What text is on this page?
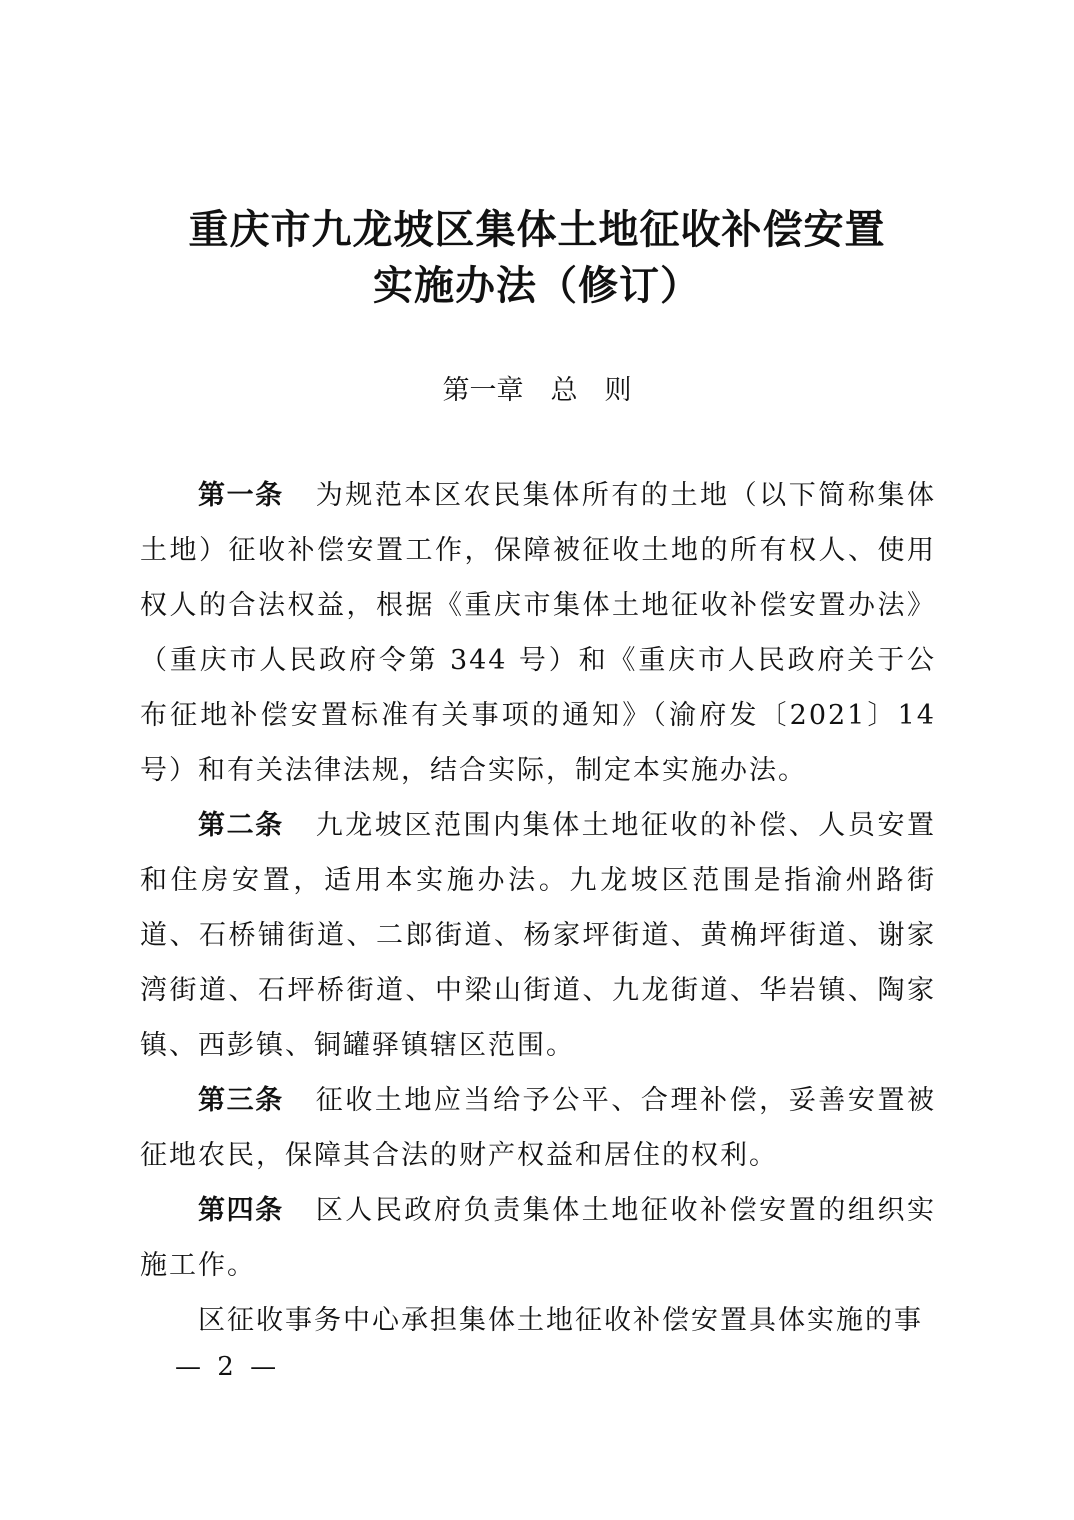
重庆市九龙坡区集体土地征收补偿安置
实施办法（修订）
第一章　总　则

第一条 为规范本区农民集体所有的土地（以下简称集体土地）征收补偿安置工作，保障被征收土地的所有权人、使用权人的合法权益，根据《重庆市集体土地征收补偿安置办法》（重庆市人民政府令第 344 号）和《重庆市人民政府关于公布征地补偿安置标准有关事项的通知》（渝府发〔2021〕14 号）和有关法律法规，结合实际，制定本实施办法。

第二条 九龙坡区范围内集体土地征收的补偿、人员安置和住房安置，适用本实施办法。九龙坡区范围是指渝州路街道、石桥铺街道、二郎街道、杨家坪街道、黄桷坪街道、谢家湾街道、石坪桥街道、中梁山街道、九龙街道、华岩镇、陶家镇、西彭镇、铜罐驿镇辖区范围。

第三条 征收土地应当给予公平、合理补偿，妥善安置被征地农民，保障其合法的财产权益和居住的权利。

第四条 区人民政府负责集体土地征收补偿安置的组织实施工作。

区征收事务中心承担集体土地征收补偿安置具体实施的事

— 2 —
